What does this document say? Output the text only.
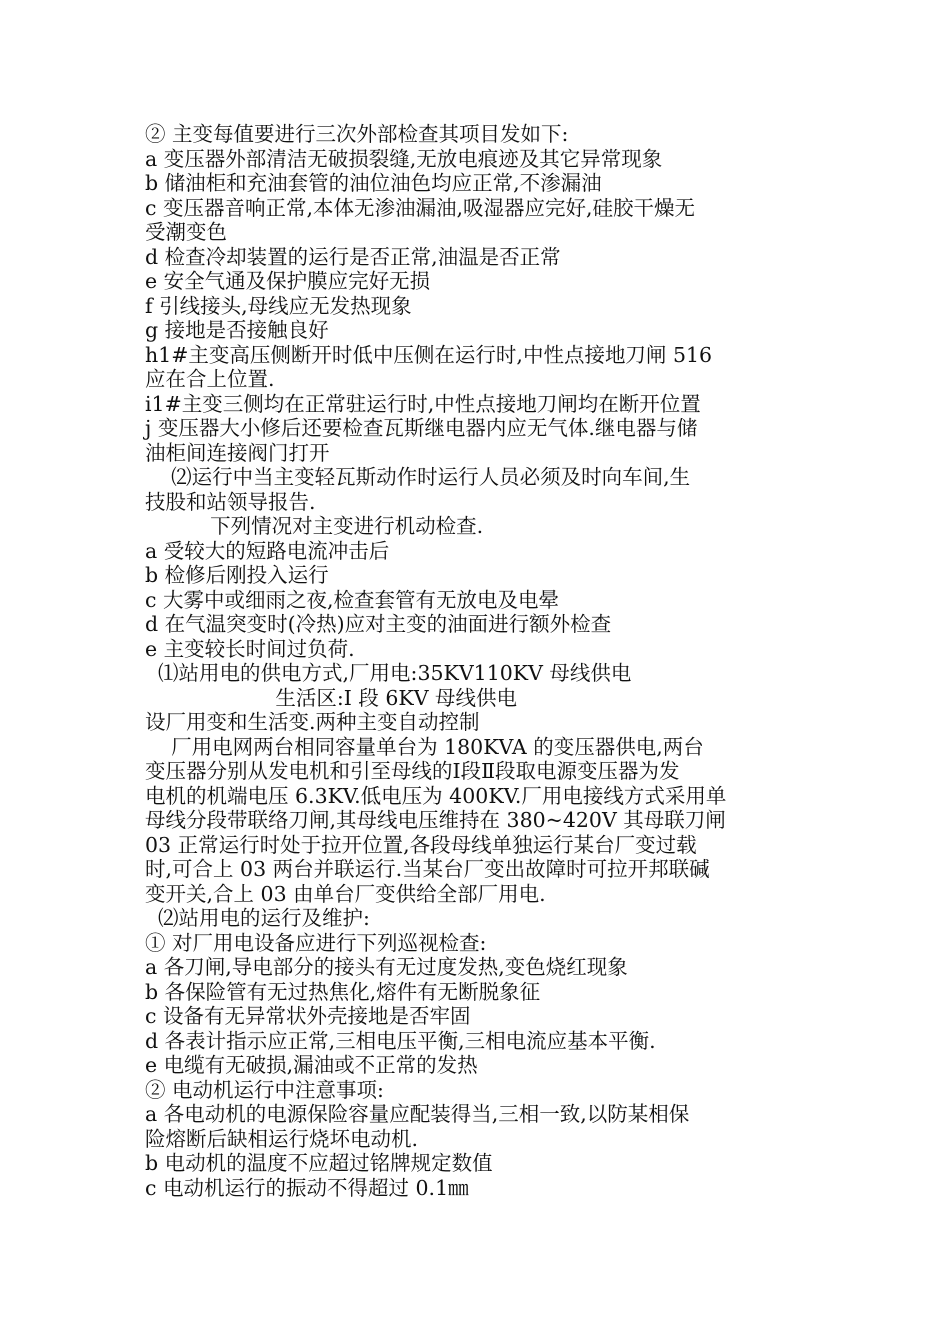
② 主变每值要进行三次外部检查其项目发如下:

a 变压器外部清洁无破损裂缝,无放电痕迹及其它异常现象

b 储油柜和充油套管的油位油色均应正常,不渗漏油

c 变压器音响正常,本体无渗油漏油,吸湿器应完好,硅胶干燥无

受潮变色

d 检查冷却装置的运行是否正常,油温是否正常

e 安全气通及保护膜应完好无损

f 引线接头,母线应无发热现象

g 接地是否接触良好

h1#主变高压侧断开时低中压侧在运行时,中性点接地刀闸 516

应在合上位置.

i1#主变三侧均在正常驻运行时,中性点接地刀闸均在断开位置

j 变压器大小修后还要检查瓦斯继电器内应无气体.继电器与储

油柜间连接阀门打开

⑵运行中当主变轻瓦斯动作时运行人员必须及时向车间,生

技股和站领导报告.

下列情况对主变进行机动检查.

a 受较大的短路电流冲击后

b 检修后刚投入运行

c 大雾中或细雨之夜,检查套管有无放电及电晕

d 在气温突变时(冷热)应对主变的油面进行额外检查

e 主变较长时间过负荷.

⑴站用电的供电方式,厂用电:35KV110KV 母线供电

生活区:Ⅰ 段 6KV 母线供电

设厂用变和生活变.两种主变自动控制

厂用电网两台相同容量单台为 180KVA 的变压器供电,两台

变压器分别从发电机和引至母线的Ⅰ段Ⅱ段取电源变压器为发

电机的机端电压 6.3KV.低电压为 400KV.厂用电接线方式采用单

母线分段带联络刀闸,其母线电压维持在 380~420V 其母联刀闸

03 正常运行时处于拉开位置,各段母线单独运行某台厂变过载

时,可合上 03 两台并联运行.当某台厂变出故障时可拉开邦联碱

变开关,合上 03 由单台厂变供给全部厂用电.

⑵站用电的运行及维护:

① 对厂用电设备应进行下列巡视检查:

a 各刀闸,导电部分的接头有无过度发热,变色烧红现象

b 各保险管有无过热焦化,熔件有无断脱象征

c 设备有无异常状外壳接地是否牢固

d 各表计指示应正常,三相电压平衡,三相电流应基本平衡.

e 电缆有无破损,漏油或不正常的发热

② 电动机运行中注意事项:

a 各电动机的电源保险容量应配装得当,三相一致,以防某相保

险熔断后缺相运行烧坏电动机.

b 电动机的温度不应超过铭牌规定数值

c 电动机运行的振动不得超过 0.1㎜
